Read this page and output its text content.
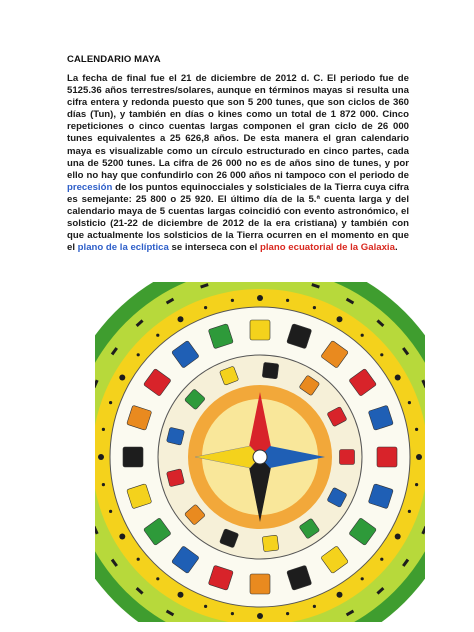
CALENDARIO MAYA
La fecha de final fue el 21 de diciembre de 2012 d. C. El periodo fue de 5125.36 años terrestres/solares, aunque en términos mayas si resulta una cifra entera y redonda puesto que son 5 200 tunes, que son ciclos de 360 días (Tun), y también en días o kines como un total de 1 872 000. Cinco repeticiones o cinco cuentas largas componen el gran ciclo de 26 000 tunes equivalentes a 25 626,8 años. De esta manera el gran calendario maya es visualizable como un círculo estructurado en cinco partes, cada una de 5200 tunes. La cifra de 26 000 no es de años sino de tunes, y por ello no hay que confundirlo con 26 000 años ni tampoco con el periodo de precesión de los puntos equinocciales y solsticiales de la Tierra cuya cifra es semejante: 25 800 o 25 920. El último día de la 5.ª cuenta larga y del calendario maya de 5 cuentas largas coincidió con evento astronómico, el solsticio (21-22 de diciembre de 2012 de la era cristiana) y también con que actualmente los solsticios de la Tierra ocurren en el momento en que el plano de la eclíptica se interseca con el plano ecuatorial de la Galaxia.
